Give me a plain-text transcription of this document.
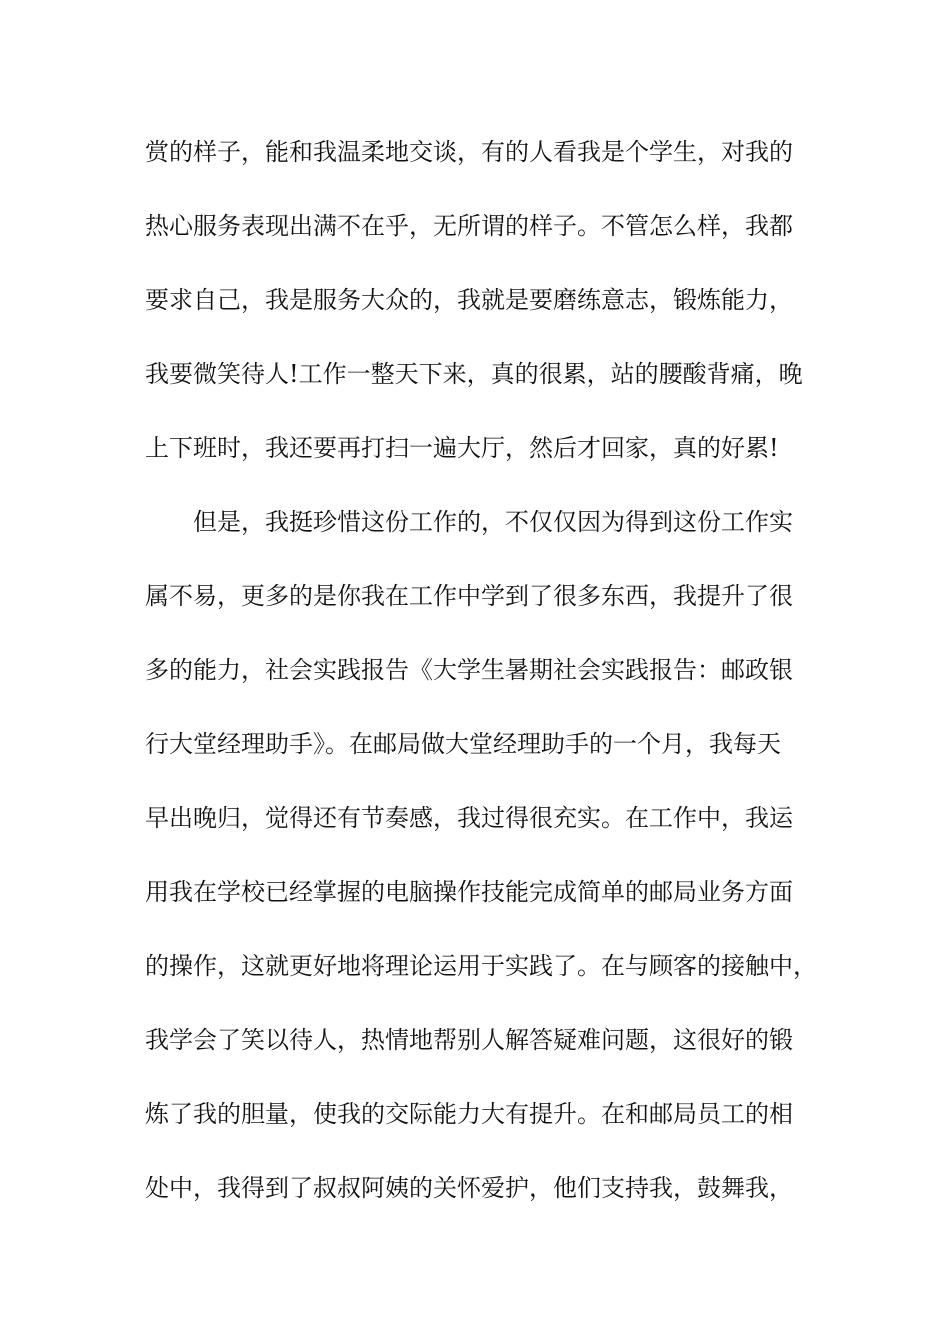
赏的样子，能和我温柔地交谈，有的人看我是个学生，对我的
热心服务表现出满不在乎，无所谓的样子。不管怎么样，我都
要求自己，我是服务大众的，我就是要磨练意志，锻炼能力，
我要微笑待人!工作一整天下来，真的很累，站的腰酸背痛，晚
上下班时，我还要再打扫一遍大厅，然后才回家，真的好累!
但是，我挺珍惜这份工作的，不仅仅因为得到这份工作实
属不易，更多的是你我在工作中学到了很多东西，我提升了很
多的能力，社会实践报告《大学生暑期社会实践报告：邮政银
行大堂经理助手》。在邮局做大堂经理助手的一个月，我每天
早出晚归，觉得还有节奏感，我过得很充实。在工作中，我运
用我在学校已经掌握的电脑操作技能完成简单的邮局业务方面
的操作，这就更好地将理论运用于实践了。在与顾客的接触中，
我学会了笑以待人，热情地帮别人解答疑难问题，这很好的锻
炼了我的胆量，使我的交际能力大有提升。在和邮局员工的相
处中，我得到了叔叔阿姨的关怀爱护，他们支持我，鼓舞我，
